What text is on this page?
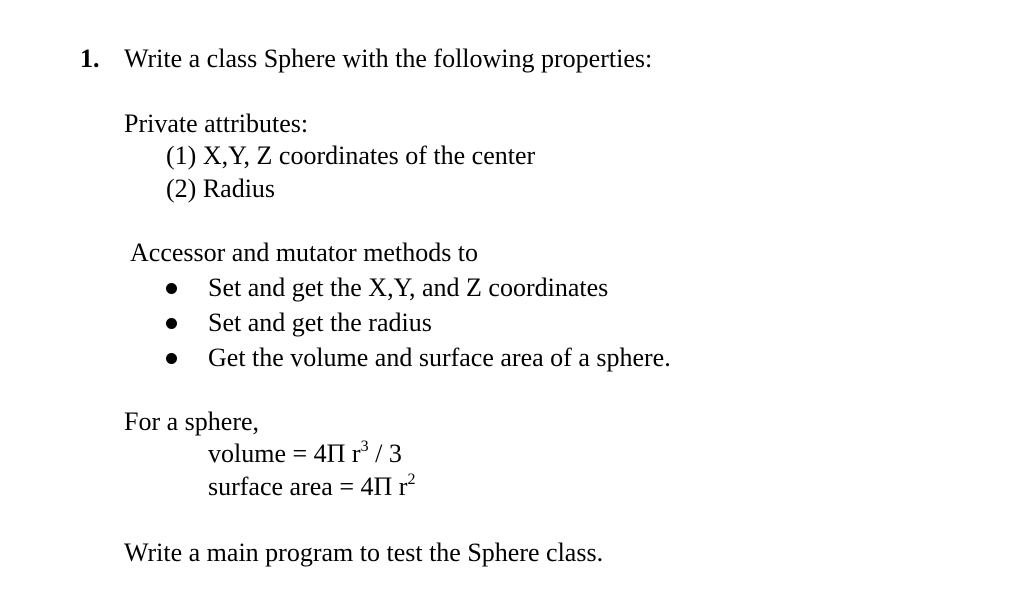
1. Write a class Sphere with the following properties:
Private attributes:
(1) X,Y, Z coordinates of the center
(2) Radius
Accessor and mutator methods to
Set and get the X,Y, and Z coordinates
Set and get the radius
Get the volume and surface area of a sphere.
For a sphere,
volume = 4Π $r^3 / 3$
surface area = 4Π $r^2$
Write a main program to test the Sphere class.
